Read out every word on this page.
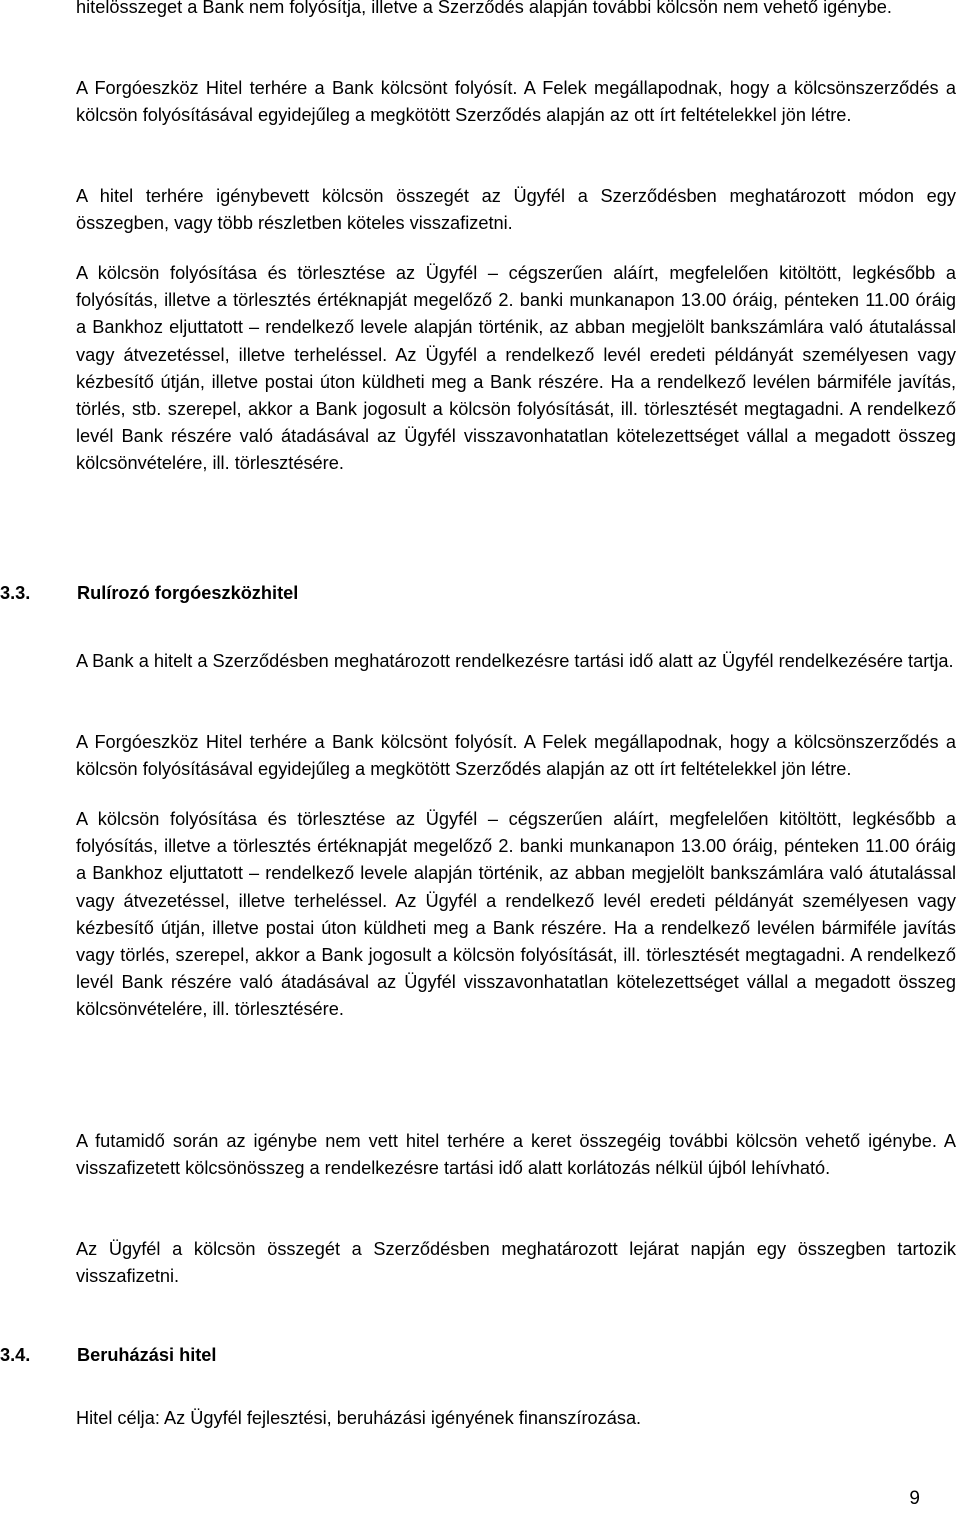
hitelösszeget a Bank nem folyósítja, illetve a Szerződés alapján további kölcsön nem vehető igénybe.

A Forgóeszköz Hitel terhére a Bank kölcsönt folyósít. A Felek megállapodnak, hogy a kölcsönszerződés a kölcsön folyósításával egyidejűleg a megkötött Szerződés alapján az ott írt feltételekkel jön létre.

A hitel terhére igénybevett kölcsön összegét az Ügyfél a Szerződésben meghatározott módon egy összegben, vagy több részletben köteles visszafizetni.

A kölcsön folyósítása és törlesztése az Ügyfél – cégszerűen aláírt, megfelelően kitöltött, legkésőbb a folyósítás, illetve a törlesztés értéknapját megelőző 2. banki munkanapon 13.00 óráig, pénteken 11.00 óráig a Bankhoz eljuttatott – rendelkező levele alapján történik, az abban megjelölt bankszámlára való átutalással vagy átvezetéssel, illetve terheléssel. Az Ügyfél a rendelkező levél eredeti példányát személyesen vagy kézbesítő útján, illetve postai úton küldheti meg a Bank részére. Ha a rendelkező levélen bármiféle javítás, törlés, stb. szerepel, akkor a Bank jogosult a kölcsön folyósítását, ill. törlesztését megtagadni. A rendelkező levél Bank részére való átadásával az Ügyfél visszavonhatatlan kötelezettséget vállal a megadott összeg kölcsönvételére, ill. törlesztésére.

3.3.	Rulírozó forgóeszközhitel

A Bank a hitelt a Szerződésben meghatározott rendelkezésre tartási idő alatt az Ügyfél rendelkezésére tartja.

A Forgóeszköz Hitel terhére a Bank kölcsönt folyósít. A Felek megállapodnak, hogy a kölcsönszerződés a kölcsön folyósításával egyidejűleg a megkötött Szerződés alapján az ott írt feltételekkel jön létre.

A kölcsön folyósítása és törlesztése az Ügyfél – cégszerűen aláírt, megfelelően kitöltött, legkésőbb a folyósítás, illetve a törlesztés értéknapját megelőző 2. banki munkanapon 13.00 óráig, pénteken 11.00 óráig a Bankhoz eljuttatott – rendelkező levele alapján történik, az abban megjelölt bankszámlára való átutalással vagy átvezetéssel, illetve terheléssel. Az Ügyfél a rendelkező levél eredeti példányát személyesen vagy kézbesítő útján, illetve postai úton küldheti meg a Bank részére. Ha a rendelkező levélen bármiféle javítás vagy törlés, szerepel, akkor a Bank jogosult a kölcsön folyósítását, ill. törlesztését megtagadni. A rendelkező levél Bank részére való átadásával az Ügyfél visszavonhatatlan kötelezettséget vállal a megadott összeg kölcsönvételére, ill. törlesztésére.

A futamidő során az igénybe nem vett hitel terhére a keret összegéig további kölcsön vehető igénybe. A visszafizetett kölcsönösszeg a rendelkezésre tartási idő alatt korlátozás nélkül újból lehívható.

Az Ügyfél a kölcsön összegét a Szerződésben meghatározott lejárat napján egy összegben tartozik visszafizetni.

3.4.	Beruházási hitel

Hitel célja: Az Ügyfél fejlesztési, beruházási igényének finanszírozása.

9
